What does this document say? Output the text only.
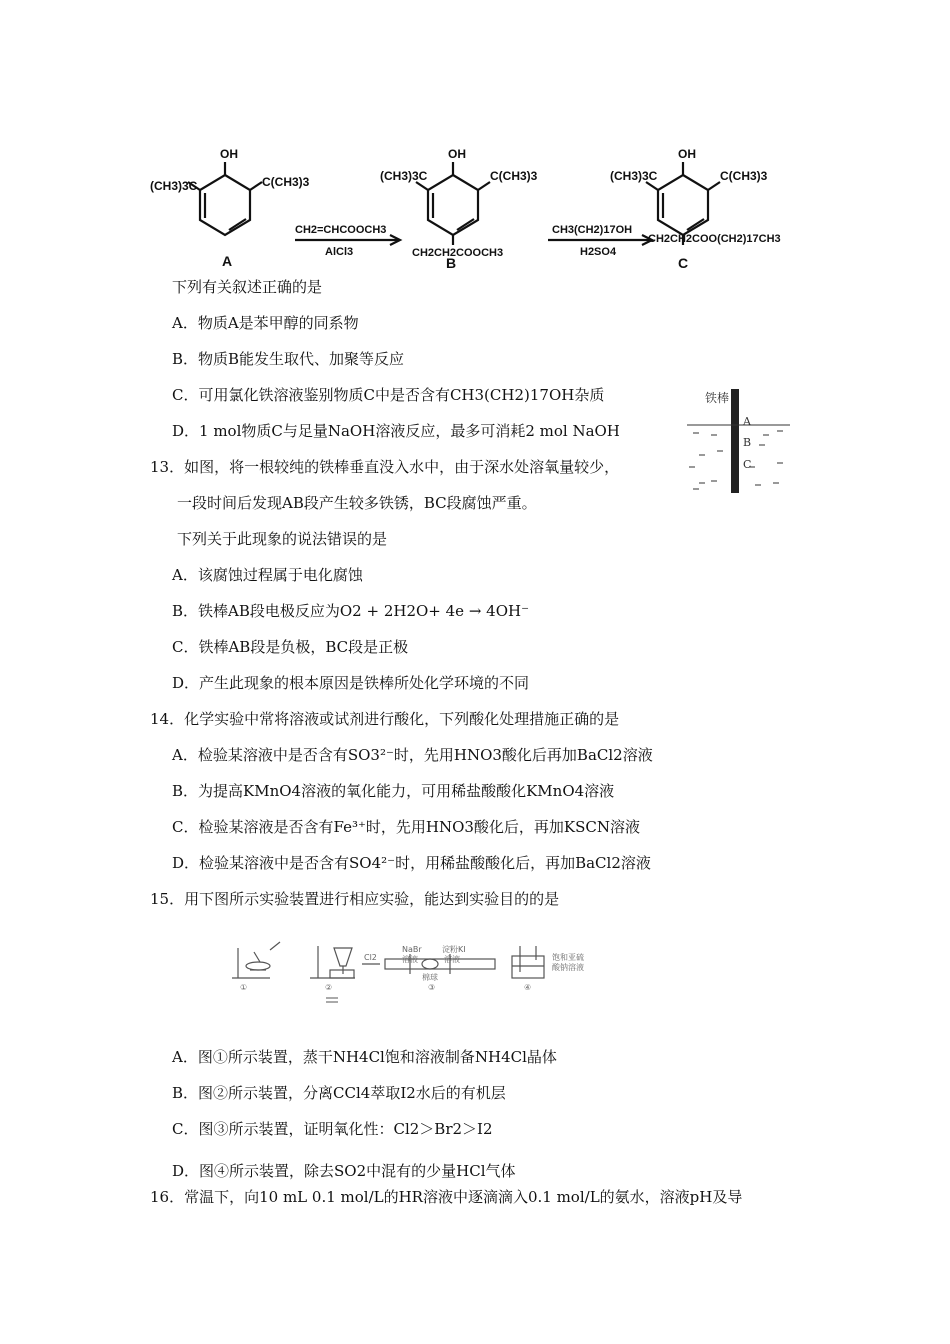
OH
(CH3)3C	C(CH3)3
A
CH2=CHCOOCH3
AlCl3
OH
(CH3)3C	C(CH3)3
CH2CH2COOCH3
B
CH3(CH2)17OH
H2SO4
OH
(CH3)3C	C(CH3)3
CH2CH2COO(CH2)17CH3
C
下列有关叙述正确的是
A．物质A是苯甲醇的同系物
B．物质B能发生取代、加聚等反应
C．可用氯化铁溶液鉴别物质C中是否含有CH3(CH2)17OH杂质
D．1 mol物质C与足量NaOH溶液反应，最多可消耗2 mol NaOH
铁棒
A
B
C
13．如图，将一根较纯的铁棒垂直没入水中，由于深水处溶氧量较少，
一段时间后发现AB段产生较多铁锈，BC段腐蚀严重。
下列关于此现象的说法错误的是
A．该腐蚀过程属于电化腐蚀
B．铁棒AB段电极反应为O2 + 2H2O+ 4e → 4OH⁻
C．铁棒AB段是负极，BC段是正极
D．产生此现象的根本原因是铁棒所处化学环境的不同
14．化学实验中常将溶液或试剂进行酸化，下列酸化处理措施正确的是
A．检验某溶液中是否含有SO3²⁻时，先用HNO3酸化后再加BaCl2溶液
B．为提高KMnO4溶液的氧化能力，可用稀盐酸酸化KMnO4溶液
C．检验某溶液是否含有Fe³⁺时，先用HNO3酸化后，再加KSCN溶液
D．检验某溶液中是否含有SO4²⁻时，用稀盐酸酸化后，再加BaCl2溶液
15．用下图所示实验装置进行相应实验，能达到实验目的的是
①	②	③	④
Cl2
NaBr	淀粉KI
溶液	溶液
棉球
饱和亚硫
酸钠溶液
A．图①所示装置，蒸干NH4Cl饱和溶液制备NH4Cl晶体
B．图②所示装置，分离CCl4萃取I2水后的有机层
C．图③所示装置，证明氧化性：Cl2＞Br2＞I2
D．图④所示装置，除去SO2中混有的少量HCl气体
16．常温下，向10 mL 0.1 mol/L的HR溶液中逐滴滴入0.1 mol/L的氨水，溶液pH及导
